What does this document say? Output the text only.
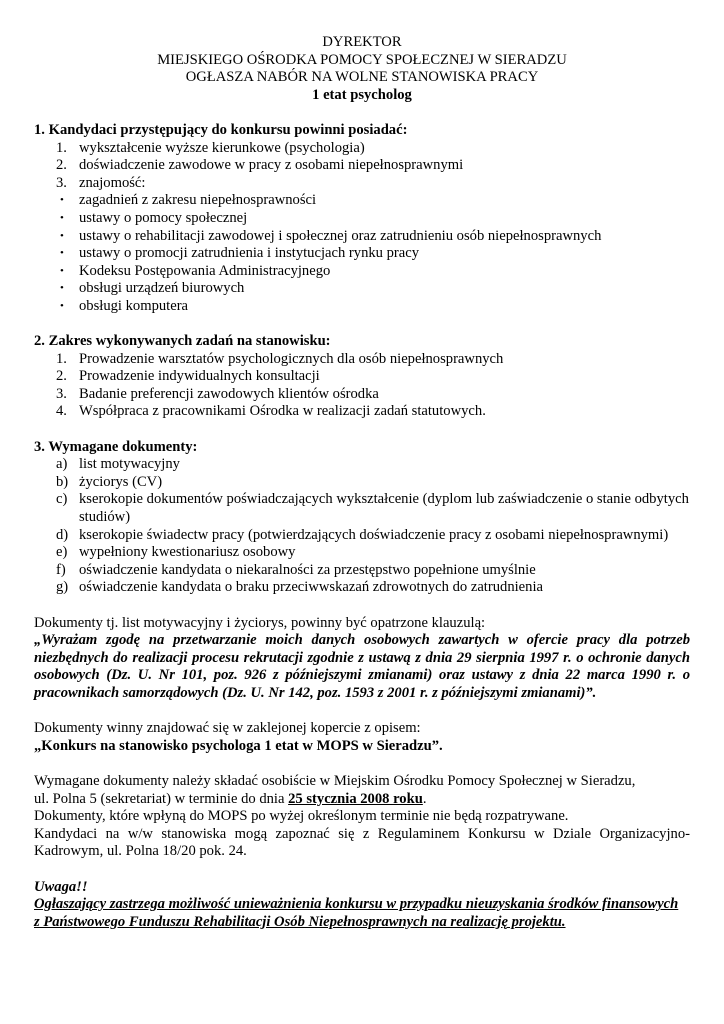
DYREKTOR
MIEJSKIEGO OŚRODKA POMOCY SPOŁECZNEJ W SIERADZU
OGŁASZA NABÓR NA WOLNE STANOWISKA PRACY
1 etat psycholog
1. Kandydaci przystępujący do konkursu powinni posiadać:
1. wykształcenie wyższe kierunkowe (psychologia)
2. doświadczenie zawodowe w pracy z osobami niepełnosprawnymi
3. znajomość:
• zagadnień z zakresu niepełnosprawności
• ustawy o pomocy społecznej
• ustawy o rehabilitacji zawodowej i społecznej oraz zatrudnieniu osób niepełnosprawnych
• ustawy o promocji zatrudnienia i instytucjach rynku pracy
• Kodeksu Postępowania Administracyjnego
• obsługi urządzeń biurowych
• obsługi komputera
2. Zakres wykonywanych zadań na stanowisku:
1. Prowadzenie warsztatów psychologicznych dla osób niepełnosprawnych
2. Prowadzenie indywidualnych konsultacji
3. Badanie preferencji zawodowych klientów ośrodka
4. Współpraca z pracownikami Ośrodka w realizacji zadań statutowych.
3. Wymagane dokumenty:
a) list motywacyjny
b) życiorys (CV)
c) kserokopie dokumentów poświadczających wykształcenie (dyplom lub zaświadczenie o stanie odbytych studiów)
d) kserokopie świadectw pracy (potwierdzających doświadczenie pracy z osobami niepełnosprawnymi)
e) wypełniony kwestionariusz osobowy
f) oświadczenie kandydata o niekaralności za przestępstwo popełnione umyślnie
g) oświadczenie kandydata o braku przeciwwskazań zdrowotnych do zatrudnienia
Dokumenty tj. list motywacyjny i życiorys, powinny być opatrzone klauzulą:
„Wyrażam zgodę na przetwarzanie moich danych osobowych zawartych w ofercie pracy dla potrzeb niezbędnych do realizacji procesu rekrutacji zgodnie z ustawą z dnia 29 sierpnia 1997 r. o ochronie danych osobowych (Dz. U. Nr 101, poz. 926 z późniejszymi zmianami) oraz ustawy z dnia 22 marca 1990 r. o pracownikach samorządowych (Dz. U. Nr 142, poz. 1593 z 2001 r. z późniejszymi zmianami)”.
Dokumenty winny znajdować się w zaklejonej kopercie z opisem:
„Konkurs na stanowisko psychologa 1 etat w MOPS w Sieradzu”.
Wymagane dokumenty należy składać osobiście w Miejskim Ośrodku Pomocy Społecznej w Sieradzu,
ul. Polna 5 (sekretariat) w terminie do dnia 25 stycznia 2008 roku.
Dokumenty, które wpłyną do MOPS po wyżej określonym terminie nie będą rozpatrywane.
Kandydaci na w/w stanowiska mogą zapoznać się z Regulaminem Konkursu w Dziale Organizacyjno-Kadrowym, ul. Polna 18/20 pok. 24.
Uwaga!!
Ogłaszający zastrzega możliwość unieważnienia konkursu w przypadku nieuzyskania środków finansowych
z Państwowego Funduszu Rehabilitacji Osób Niepełnosprawnych na realizację projektu.
